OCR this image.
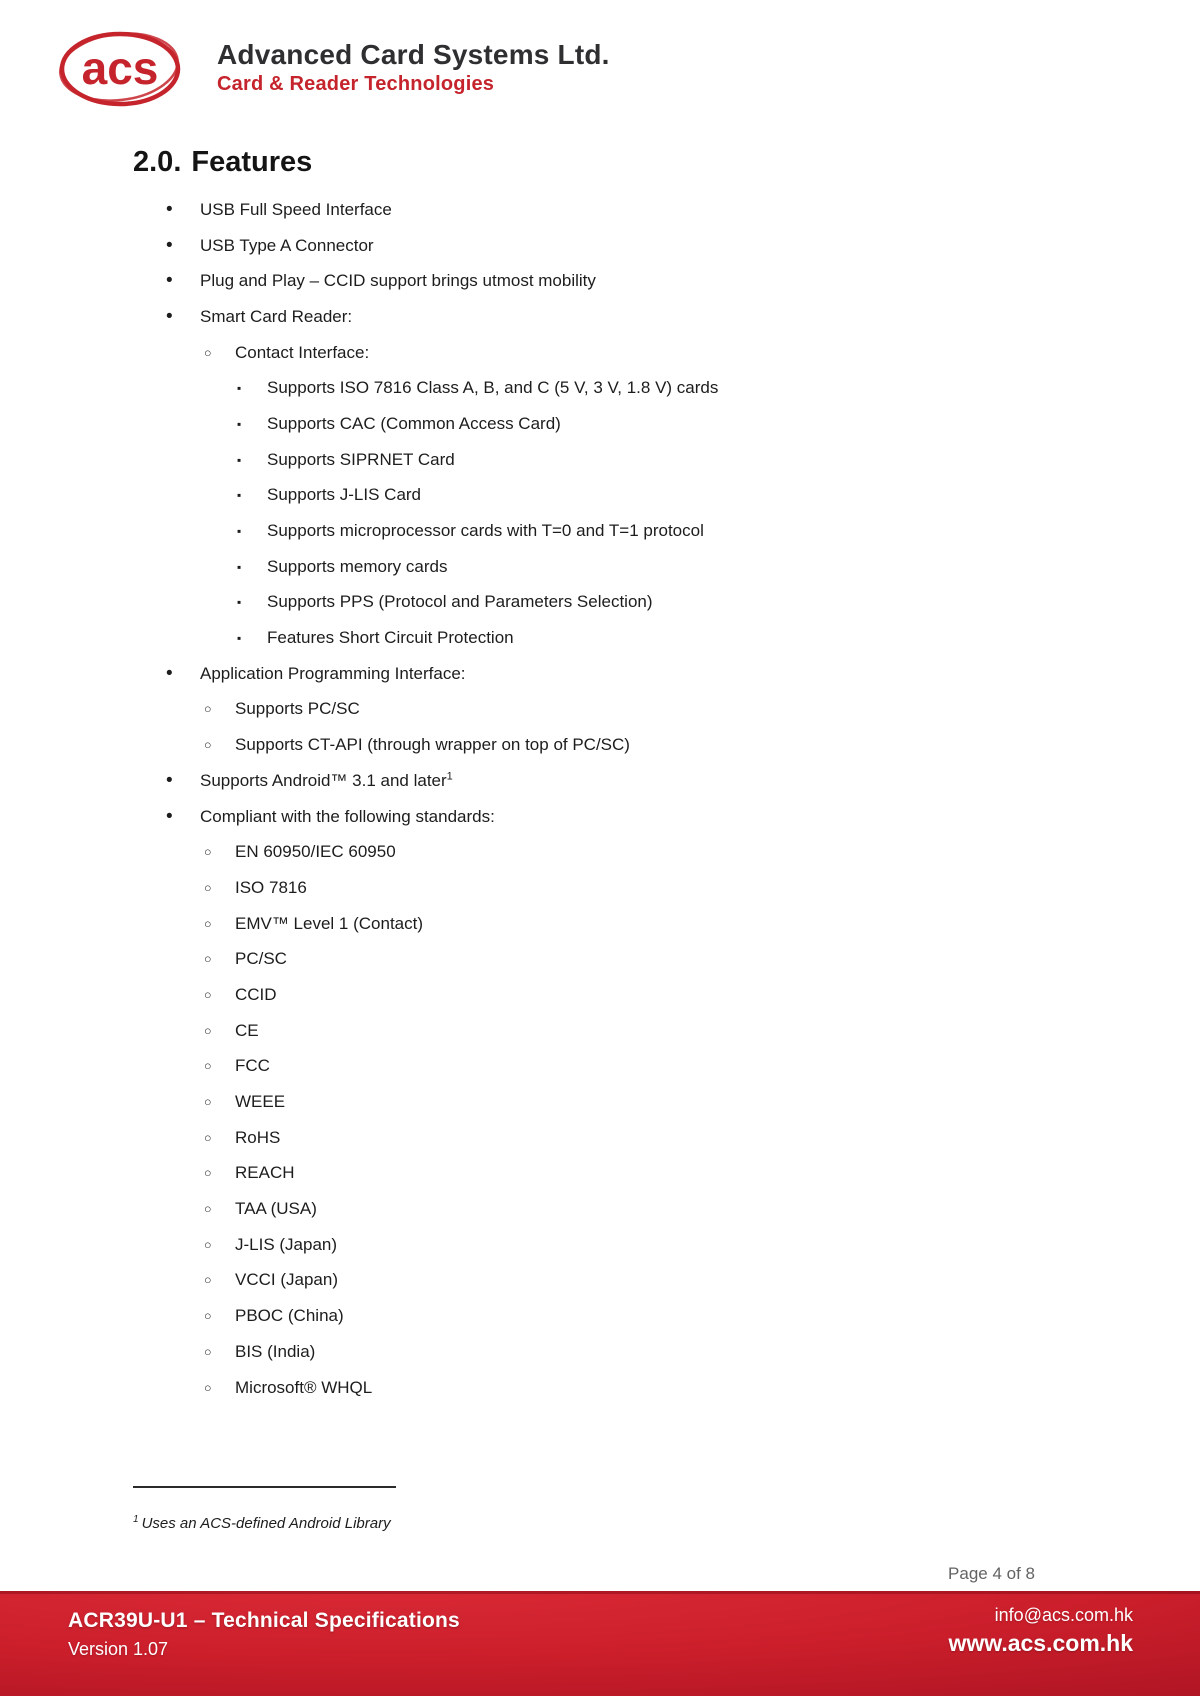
acs Advanced Card Systems Ltd.
Card & Reader Technologies
2.0. Features
•	USB Full Speed Interface
•	USB Type A Connector
•	Plug and Play – CCID support brings utmost mobility
•	Smart Card Reader:
○	Contact Interface:
▪	Supports ISO 7816 Class A, B, and C (5 V, 3 V, 1.8 V) cards
▪	Supports CAC (Common Access Card)
▪	Supports SIPRNET Card
▪	Supports J-LIS Card
▪	Supports microprocessor cards with T=0 and T=1 protocol
▪	Supports memory cards
▪	Supports PPS (Protocol and Parameters Selection)
▪	Features Short Circuit Protection
•	Application Programming Interface:
○	Supports PC/SC
○	Supports CT-API (through wrapper on top of PC/SC)
•	Supports Android™ 3.1 and later$^1$
•	Compliant with the following standards:
○	EN 60950/IEC 60950
○	ISO 7816
○	EMV™ Level 1 (Contact)
○	PC/SC
○	CCID
○	CE
○	FCC
○	WEEE
○	RoHS
○	REACH
○	TAA (USA)
○	J-LIS (Japan)
○	VCCI (Japan)
○	PBOC (China)
○	BIS (India)
○	Microsoft® WHQL
$^1$ Uses an ACS-defined Android Library
Page 4 of 8
ACR39U-U1 – Technical Specifications
Version 1.07
info@acs.com.hk
www.acs.com.hk
